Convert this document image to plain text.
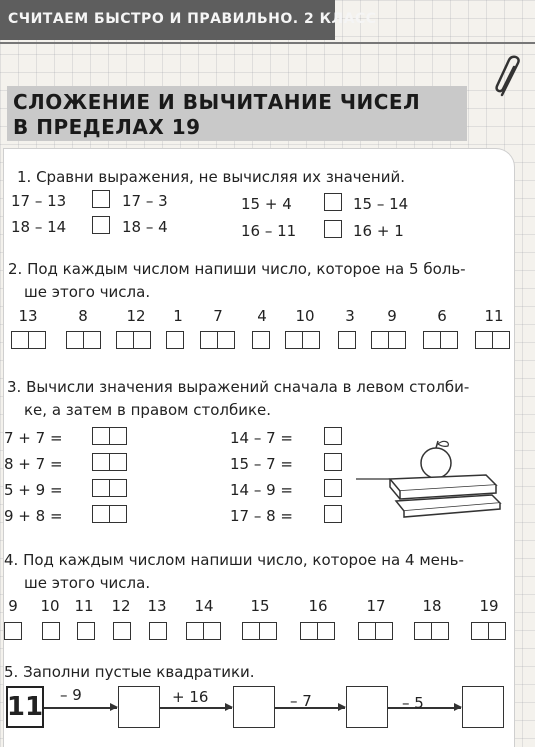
СЧИТАЕМ БЫСТРО И ПРАВИЛЬНО. 2 КЛАСС
СЛОЖЕНИЕ И ВЫЧИТАНИЕ ЧИСЕЛ
В ПРЕДЕЛАХ 19
1. Сравни выражения, не вычисляя их значений.
17 – 13	17 – 3
18 – 14	18 – 4
15 + 4	15 – 14
16 – 11	16 + 1
2. Под каждым числом напиши число, которое на 5 боль-
ше этого числа.
13	8	12	1	7	4	10	3	9	6	11
3. Вычисли значения выражений сначала в левом столби-
ке, а затем в правом столбике.
7 + 7 =
8 + 7 =
5 + 9 =
9 + 8 =
14 – 7 =
15 – 7 =
14 – 9 =
17 – 8 =
4. Под каждым числом напиши число, которое на 4 мень-
ше этого числа.
9	10 11	12	13	14	15	16	17	18	19
5. Заполни пустые квадратики.
11 – 9	+ 16	– 7	– 5
